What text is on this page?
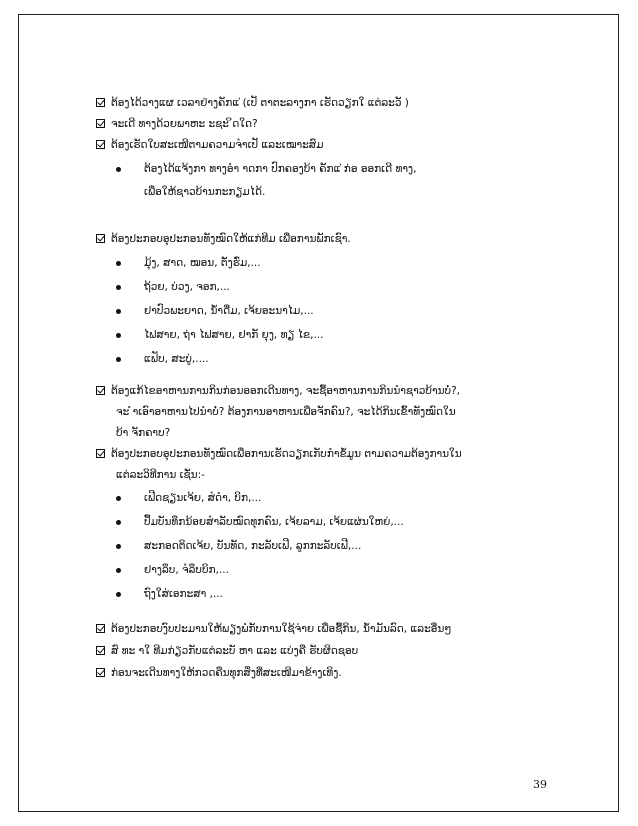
ຕ້ອງໄດ້ວາງແຜ ເວລາຢ່າງຄັກແ ່(ເປັ ຕາຕະລາງກາ ເຮັດວຽກໃ ແຕ່ລະວັ )
ຈະເດີ ທາງດ້ວຍພາຫະ ະຊະ ິດໃດ?
ຕ້ອງເຮັດໃບສະເໜີຕາມຄວາມຈຳເປັ ແລະເໝາະສົມ
ຕ້ອງໄດ້ແຈ້ງກາ ທາງອຳ າດກາ ປົກຄອງບ້າ ຄັກແ ່ກ່ອ ອອກເດີ ທາງ,
ເພື່ອໃຫ້ຊາວບ້ານກະກຽມໄດ້.
ຕ້ອງປະກອບອຸປະກອນທັງໝົດໃຫ້ແກ່ທີມ ເພື່ອການພັກເຊົາ.
ມຸ້ງ, ສາດ, ໝອນ, ຕັ່ງຮົ່ມ,...
ຖ້ວຍ, ບ່ວງ, ຈອກ,...
ຢາປົວພະຍາດ, ນ້ຳດື່ມ, ເຈ້ຍອະນາໄມ,...
ໄຟສາຍ, ຖ່າ ໄຟສາຍ, ຢາກັ ຍຸງ, ທຽ ໄຂ,...
ແຟັບ, ສະບູ່,....
ຕ້ອງແກ້ໄຂອາຫານການກິນກ່ອນອອກເດີນທາງ, ຈະຊື້ອາຫານການກິນນຳຊາວບ້ານບໍ່?,
ຈະ ຳເອົາອາຫານໄປນຳບໍ່? ຕ້ອງການອາຫານເພື່ອຈັກຄົນ?, ຈະໄດ້ກິນເຂົ້າທັງໝົດໃນ
ບ້າ ຈັກຄາບ?
ຕ້ອງປະກອບອຸປະກອນທັງໝົດເພື່ອການເຮັດວຽກເກັບກຳຂໍ້ມູນ ຕາມຄວາມຕ້ອງການໃນ
ແຕ່ລະວິທີການ ເຊັ່ນ:-
ເຟີດຊຽນເຈ້ຍ, ສໍດຳ, ບິກ,...
ປຶ້ມບັນທຶກນ້ອຍສຳລັບໝົດທຸກຄົນ, ເຈ້ຍລາມ, ເຈ້ຍແຜ່ນໃຫຍ່,...
ສະກອດຕິດເຈ້ຍ, ບັນທັດ, ກະລັບເຟີ, ລູກກະລັບເຟີ,...
ຢາງລຶບ, ຈໍລຶບບິກ,...
ຖົງໃສ່ເອກະສາ ,...
ຕ້ອງປະກອບງົບປະມານໃຫ້ພຽງພໍກັບການໃຊ້ຈ່າຍ ເພື່ອຊື້ກິນ, ນ້ຳມັນລົດ, ແລະອື່ນໆ
ສົ ທະ າໃ ທີມກ່ຽວກັບແຕ່ລະບັ ຫາ ແລະ ແບ່ງຄື ຮັບຜິດຊອບ
ກ່ອນຈະເດີນທາງໃຫ້ກວດຄືນທຸກສິ່ງທີ່ສະເໜີມາຂ້າງເທິງ.
39
